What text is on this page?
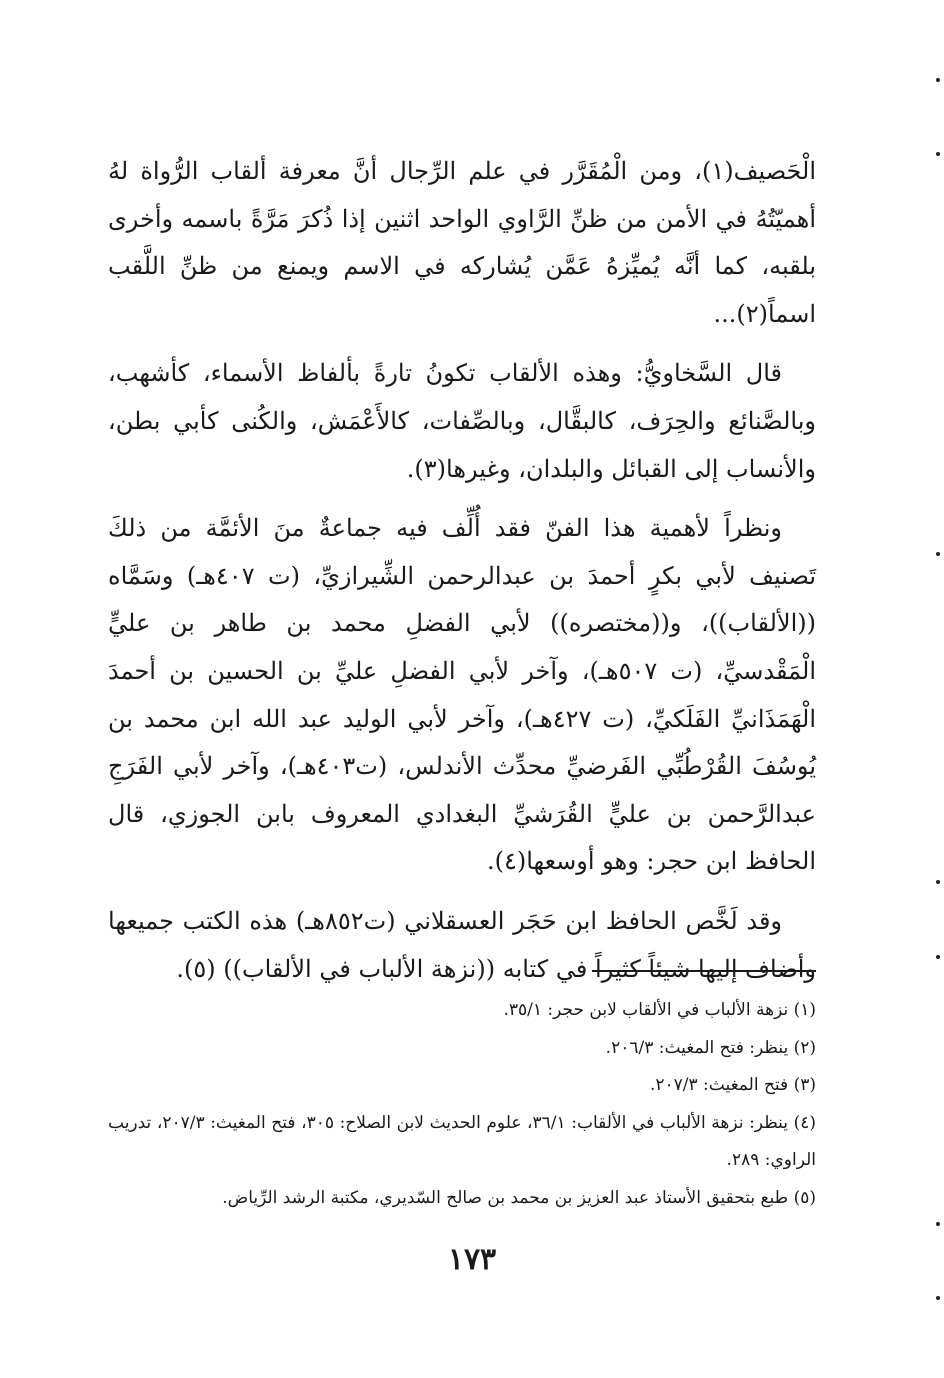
الْحَصيف(١)، ومن الْمُقَرَّر في علم الرِّجال أنَّ معرفة ألقاب الرُّواة لهُ أهميّتُهُ في الأمن من ظنِّ الرَّاوي الواحد اثنين إذا ذُكرَ مَرَّةً باسمه وأخرى بلقبه، كما أنَّه يُميِّزهُ عَمَّن يُشاركه في الاسم ويمنع من ظنِّ اللَّقب اسماً(٢)...

قال السَّخاويُّ: وهذه الألقاب تكونُ تارةً بألفاظ الأسماء، كأشهب، وبالصَّنائع والحِرَف، كالبقَّال، وبالصِّفات، كالأَعْمَش، والكُنى كأبي بطن، والأنساب إلى القبائل والبلدان، وغيرها(٣).

ونظراً لأهمية هذا الفنّ فقد أُلِّف فيه جماعةٌ منَ الأئمَّة من ذلكَ تَصنيف لأبي بكرٍ أحمدَ بن عبدالرحمن الشِّيرازيِّ، (ت ٤٠٧هـ) وسَمَّاه ((الألقاب))، و((مختصره)) لأبي الفضلِ محمد بن طاهر بن عليٍّ الْمَقْدسيِّ، (ت ٥٠٧هـ)، وآخر لأبي الفضلِ عليِّ بن الحسين بن أحمدَ الْهَمَذَانيِّ الفَلَكيِّ، (ت ٤٢٧هـ)، وآخر لأبي الوليد عبد الله ابن محمد بن يُوسُفَ القُرْطُبِّي الفَرضيِّ محدِّث الأندلس، (ت٤٠٣هـ)، وآخر لأبي الفَرَجِ عبدالرَّحمن بن عليٍّ القُرَشيِّ البغدادي المعروف بابن الجوزي، قال الحافظ ابن حجر: وهو أوسعها(٤).

وقد لَخَّص الحافظ ابن حَجَر العسقلاني (ت٨٥٢هـ) هذه الكتب جميعها وأضاف إليها شيئاً كثيراً في كتابه ((نزهة الألباب في الألقاب)) (٥).

(١) نزهة الألباب في الألقاب لابن حجر: ٣٥/١.

(٢) ينظر: فتح المغيث: ٢٠٦/٣.

(٣) فتح المغيث: ٢٠٧/٣.

(٤) ينظر: نزهة الألباب في الألقاب: ٣٦/١، علوم الحديث لابن الصلاح: ٣٠٥، فتح المغيث: ٢٠٧/٣، تدريب الراوي: ٢٨٩.

(٥) طبع بتحقيق الأستاذ عبد العزيز بن محمد بن صالح السّديري، مكتبة الرشد الرِّياض.

١٧٣
